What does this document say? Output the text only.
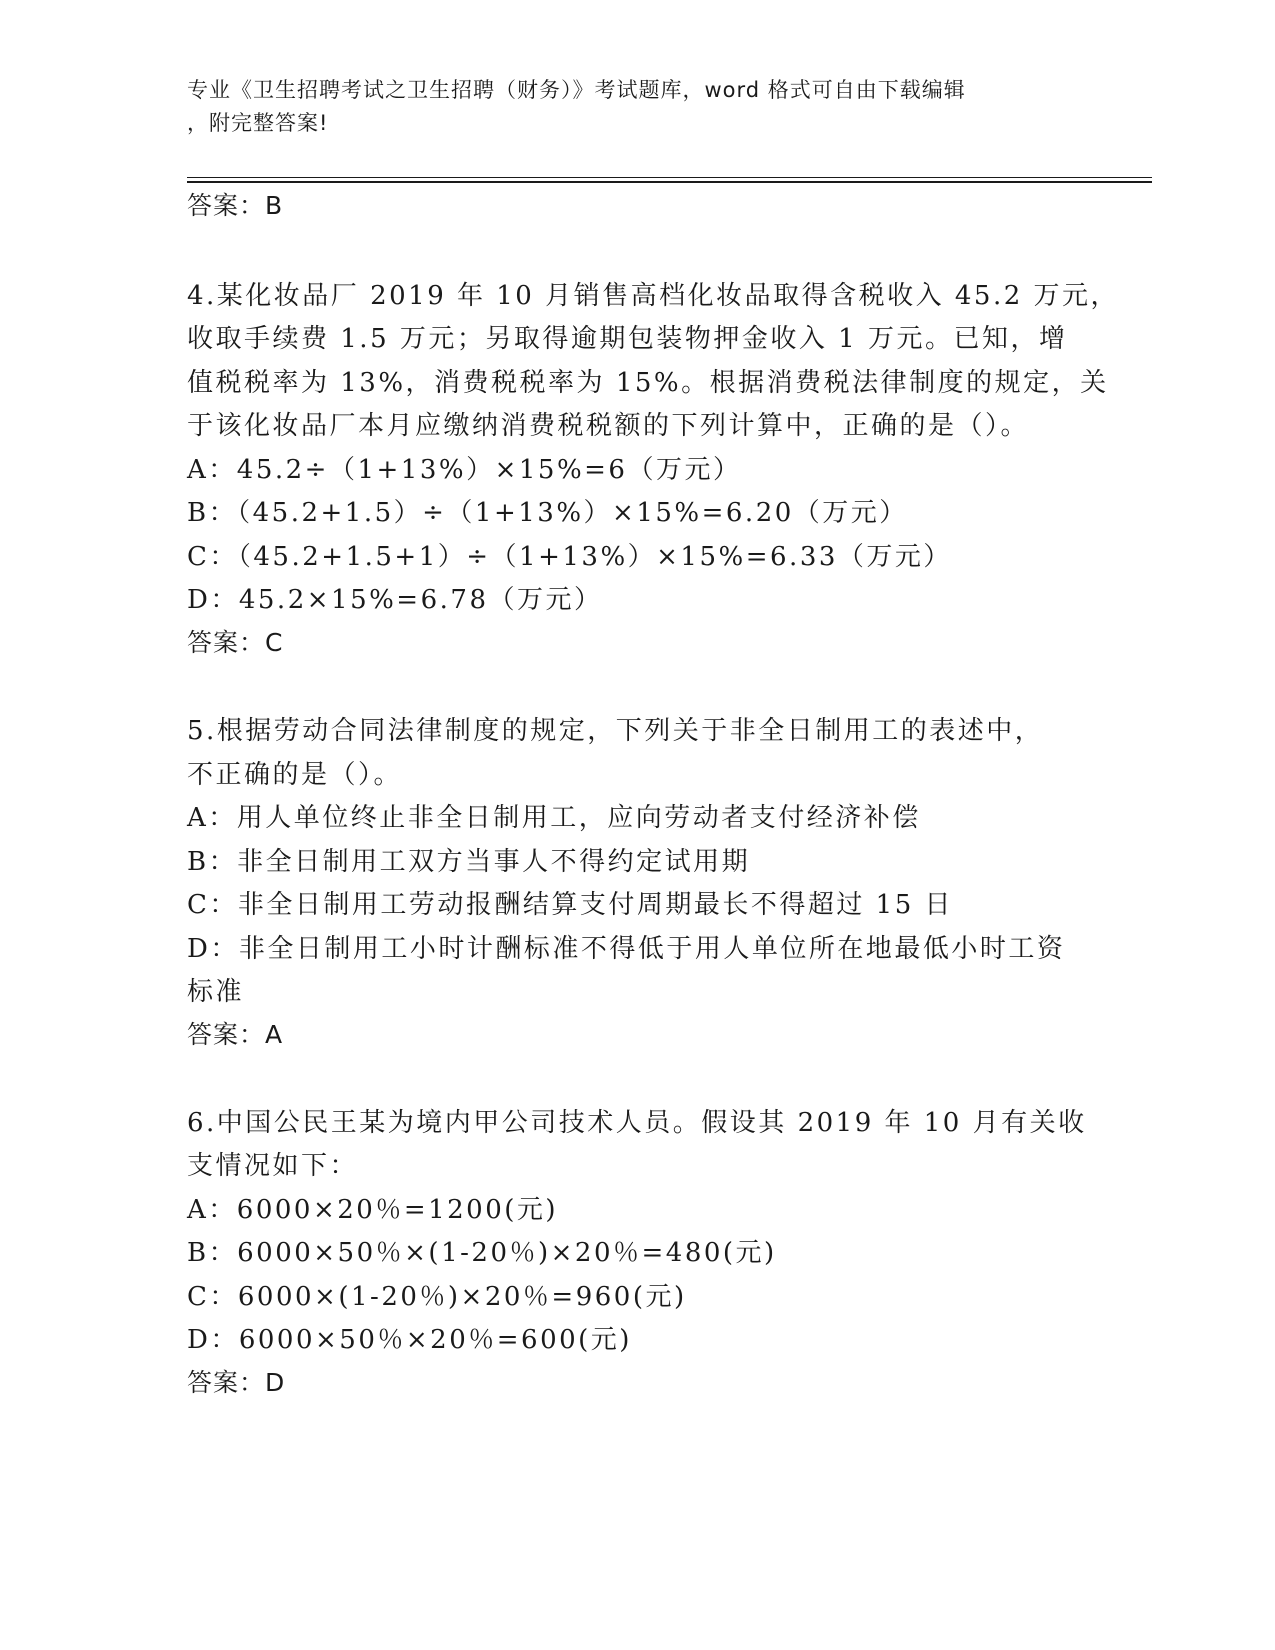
专业《卫生招聘考试之卫生招聘（财务）》考试题库，word 格式可自由下载编辑
，附完整答案!
答案：B
4.某化妆品厂 2019 年 10 月销售高档化妆品取得含税收入 45.2 万元，
收取手续费 1.5 万元；另取得逾期包装物押金收入 1 万元。已知，增
值税税率为 13%，消费税税率为 15%。根据消费税法律制度的规定，关
于该化妆品厂本月应缴纳消费税税额的下列计算中，正确的是（）。
A：45.2÷（1+13%）×15%=6（万元）
B：（45.2+1.5）÷（1+13%）×15%=6.20（万元）
C：（45.2+1.5+1）÷（1+13%）×15%=6.33（万元）
D：45.2×15%=6.78（万元）
答案：C
5.根据劳动合同法律制度的规定，下列关于非全日制用工的表述中，
不正确的是（）。
A：用人单位终止非全日制用工，应向劳动者支付经济补偿
B：非全日制用工双方当事人不得约定试用期
C：非全日制用工劳动报酬结算支付周期最长不得超过 15 日
D：非全日制用工小时计酬标准不得低于用人单位所在地最低小时工资
标准
答案：A
6.中国公民王某为境内甲公司技术人员。假设其 2019 年 10 月有关收
支情况如下：
A：6000×20％=1200(元)
B：6000×50％×(1-20％)×20％=480(元)
C：6000×(1-20％)×20％=960(元)
D：6000×50％×20％=600(元)
答案：D
